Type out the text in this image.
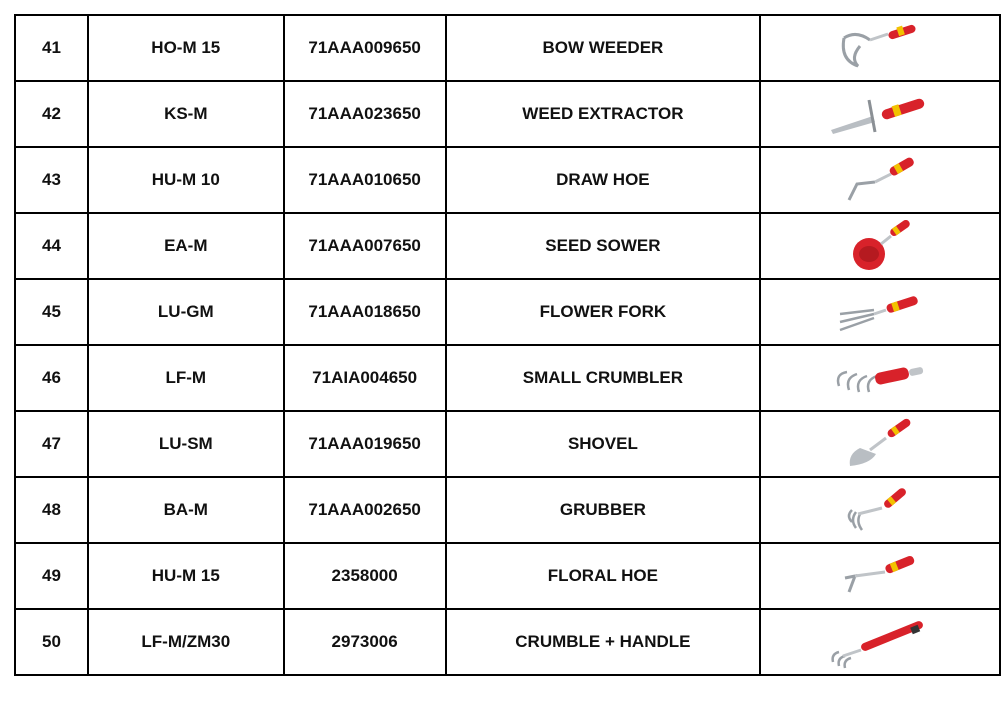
41	HO-M 15	71AAA009650	BOW WEEDER	

42	KS-M	71AAA023650	WEED EXTRACTOR	

43	HU-M 10	71AAA010650	DRAW HOE	

44	EA-M	71AAA007650	SEED SOWER	

45	LU-GM	71AAA018650	FLOWER FORK	

46	LF-M	71AIA004650	SMALL CRUMBLER	

47	LU-SM	71AAA019650	SHOVEL	

48	BA-M	71AAA002650	GRUBBER	

49	HU-M 15	2358000	FLORAL HOE	

50	LF-M/ZM30	2973006	CRUMBLE + HANDLE	
